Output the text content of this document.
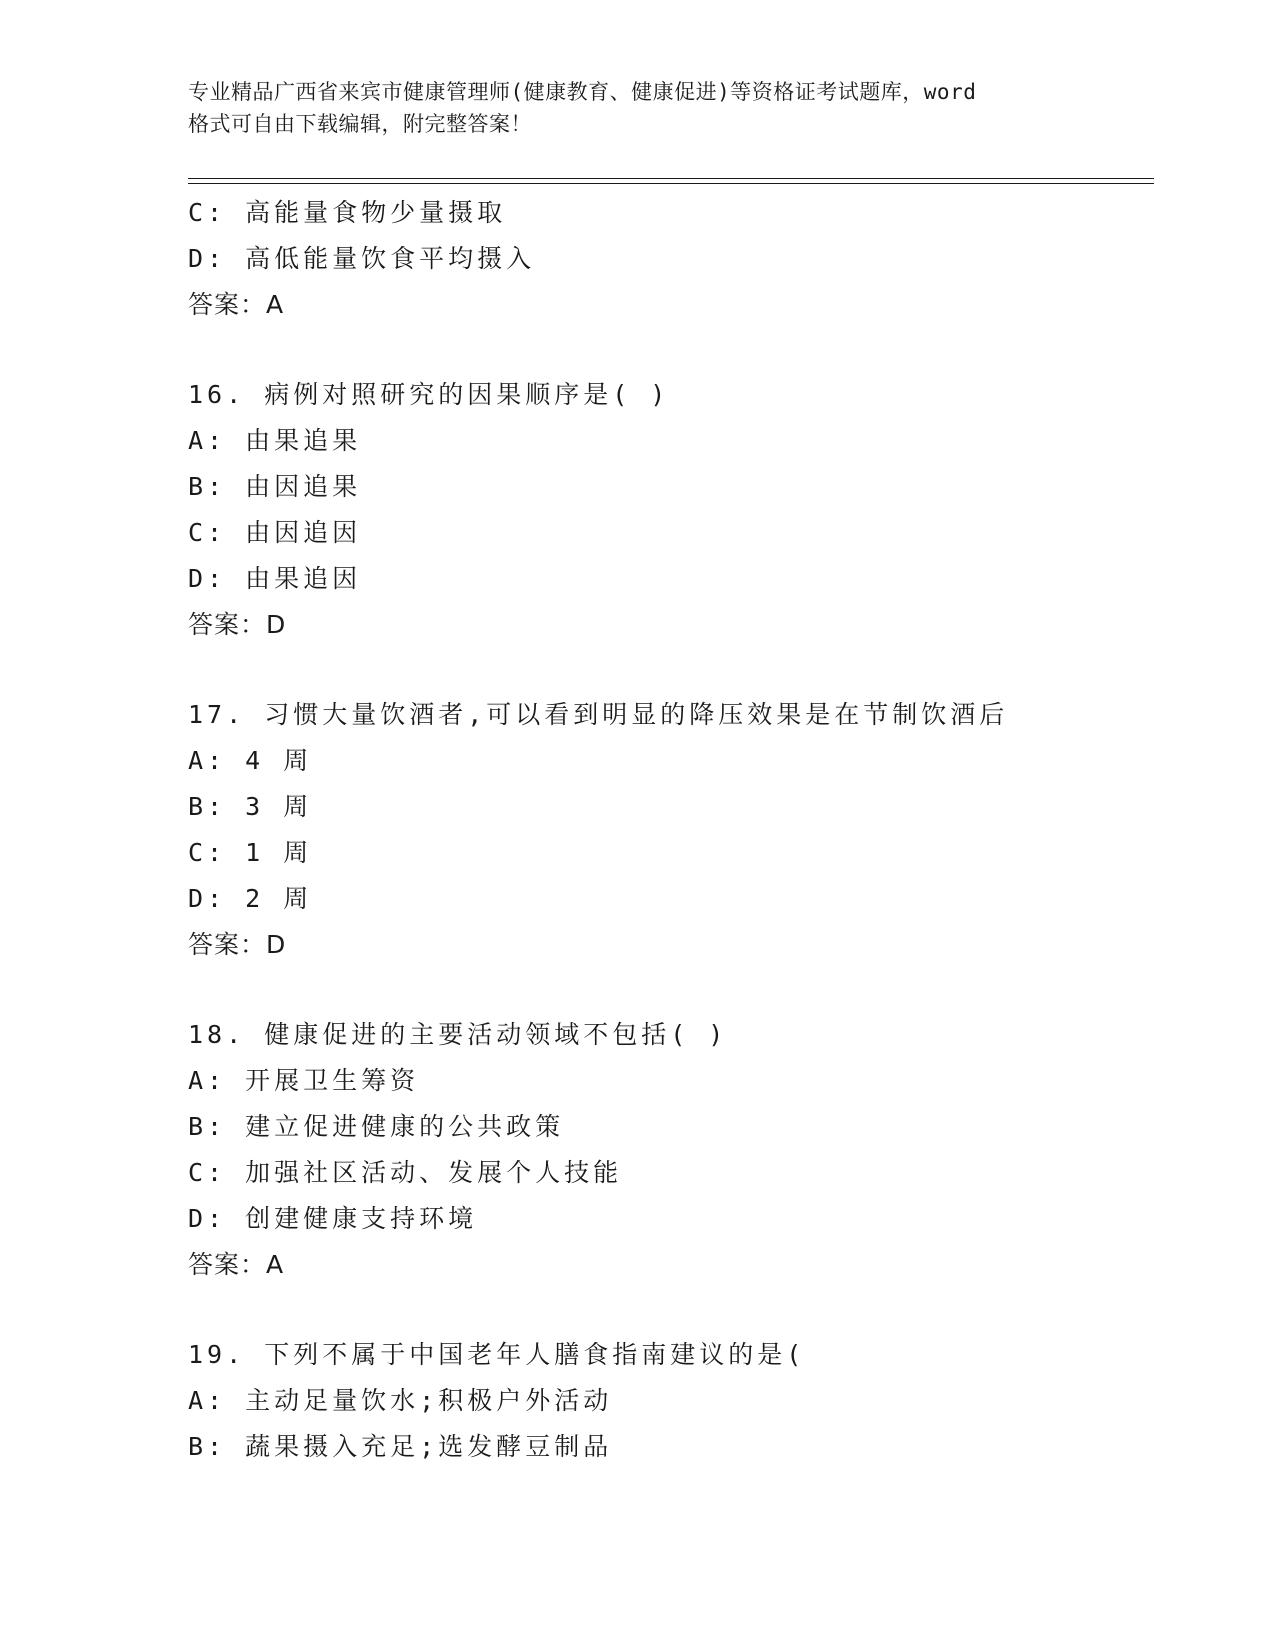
专业精品广西省来宾市健康管理师(健康教育、健康促进)等资格证考试题库，word
格式可自由下载编辑，附完整答案！
C: 高能量食物少量摄取
D: 高低能量饮食平均摄入
答案：A
16. 病例对照研究的因果顺序是( )
A: 由果追果
B: 由因追果
C: 由因追因
D: 由果追因
答案：D
17. 习惯大量饮酒者,可以看到明显的降压效果是在节制饮酒后
A: 4 周
B: 3 周
C: 1 周
D: 2 周
答案：D
18. 健康促进的主要活动领域不包括( )
A: 开展卫生筹资
B: 建立促进健康的公共政策
C: 加强社区活动、发展个人技能
D: 创建健康支持环境
答案：A
19. 下列不属于中国老年人膳食指南建议的是(
A: 主动足量饮水;积极户外活动
B: 蔬果摄入充足;选发酵豆制品
